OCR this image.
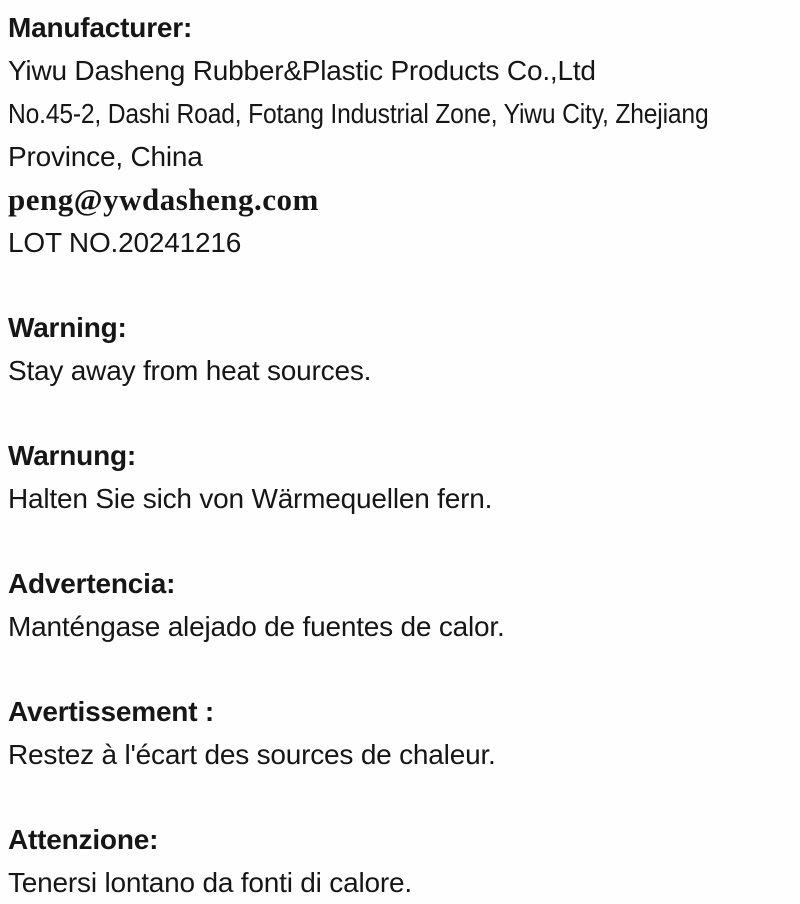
Manufacturer:
Yiwu Dasheng Rubber&Plastic Products Co.,Ltd
No.45-2, Dashi Road, Fotang Industrial Zone, Yiwu City, Zhejiang
Province, China
peng@ywdasheng.com
LOT NO.20241216
Warning:
Stay away from heat sources.
Warnung:
Halten Sie sich von Wärmequellen fern.
Advertencia:
Manténgase alejado de fuentes de calor.
Avertissement :
Restez à l'écart des sources de chaleur.
Attenzione:
Tenersi lontano da fonti di calore.
